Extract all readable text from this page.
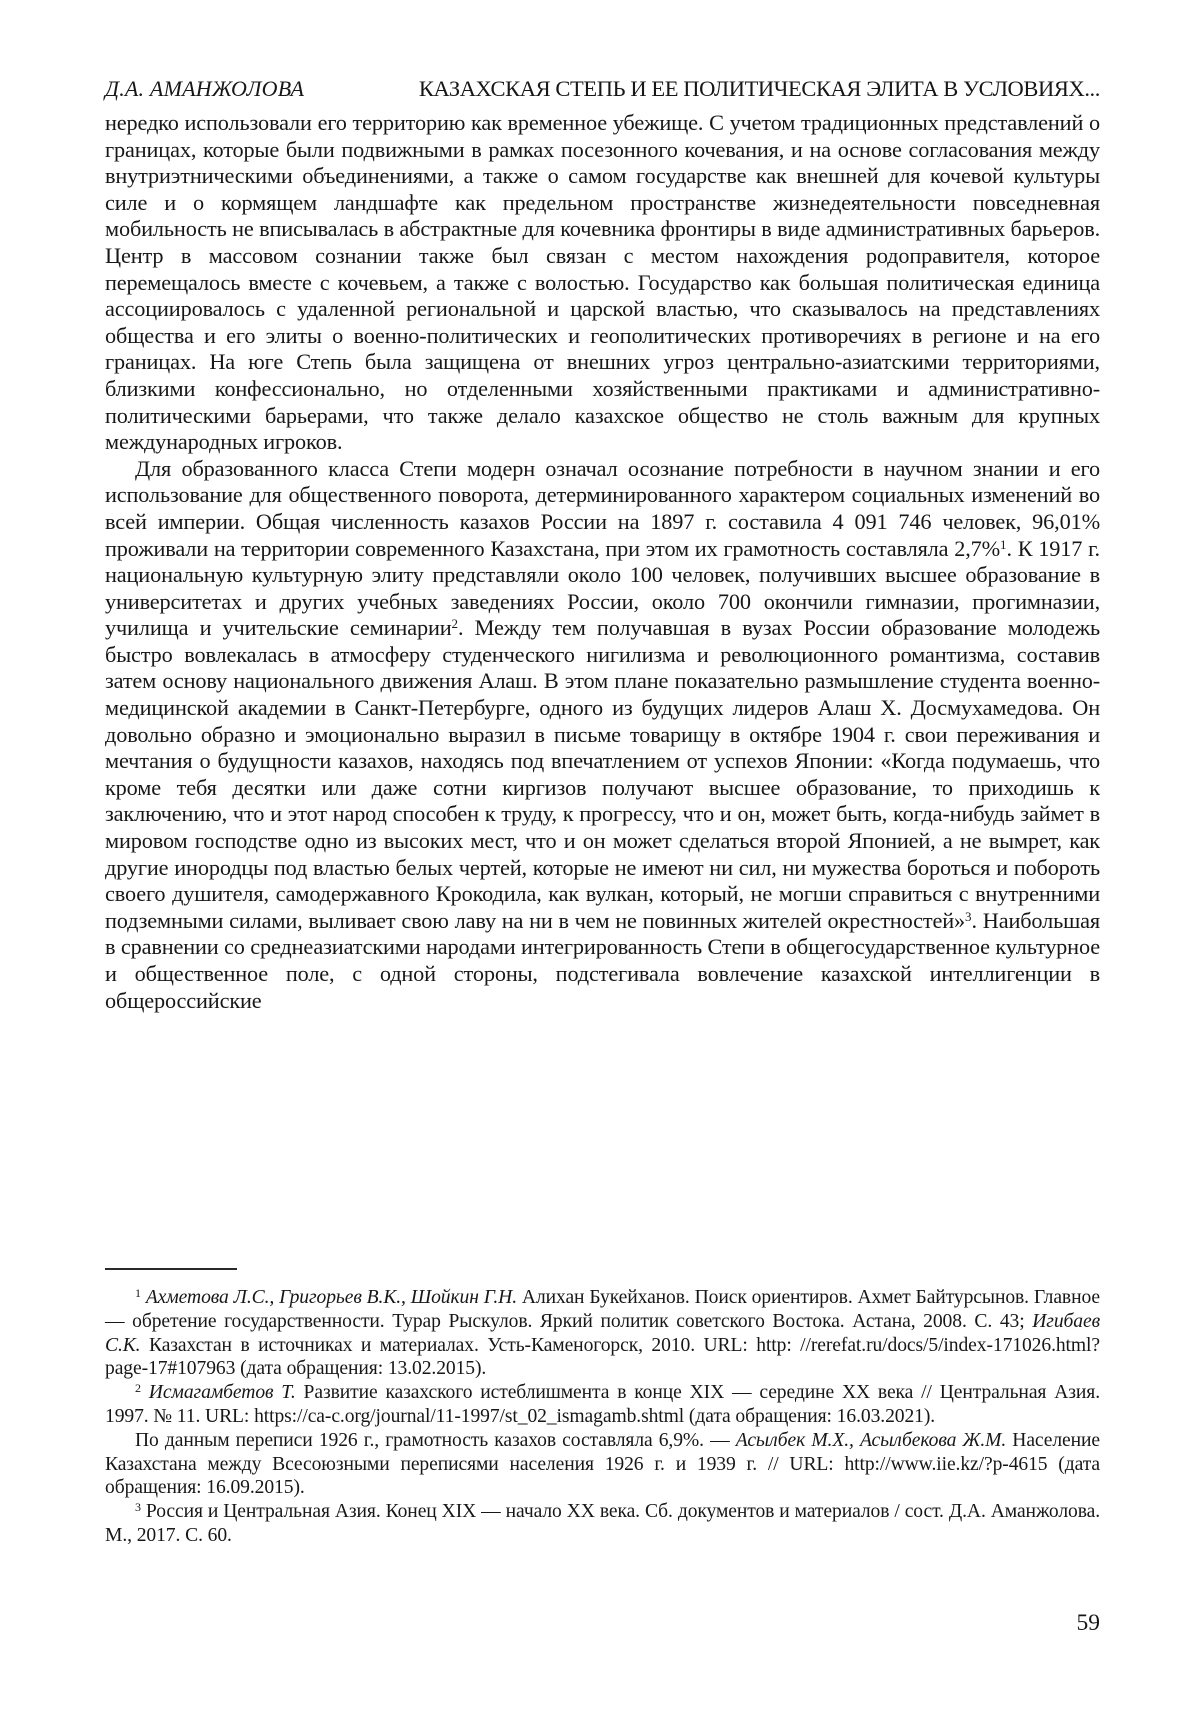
Д.А. АМАНЖОЛОВА	КАЗАХСКАЯ СТЕПЬ И ЕЕ ПОЛИТИЧЕСКАЯ ЭЛИТА В УСЛОВИЯХ...

нередко использовали его территорию как временное убежище. С учетом традиционных представлений о границах, которые были подвижными в рамках посезонного кочевания, и на основе согласования между внутриэтническими объединениями, а также о самом государстве как внешней для кочевой культуры силе и о кормящем ландшафте как предельном пространстве жизнедеятельности повседневная мобильность не вписывалась в абстрактные для кочевника фронтиры в виде административных барьеров. Центр в массовом сознании также был связан с местом нахождения родоправителя, которое перемещалось вместе с кочевьем, а также с волостью. Государство как большая политическая единица ассоциировалось с удаленной региональной и царской властью, что сказывалось на представлениях общества и его элиты о военно-политических и геополитических противоречиях в регионе и на его границах. На юге Степь была защищена от внешних угроз центрально-азиатскими территориями, близкими конфессионально, но отделенными хозяйственными практиками и административно-политическими барьерами, что также делало казахское общество не столь важным для крупных международных игроков.

Для образованного класса Степи модерн означал осознание потребности в научном знании и его использование для общественного поворота, детерминированного характером социальных изменений во всей империи. Общая численность казахов России на 1897 г. составила 4 091 746 человек, 96,01% проживали на территории современного Казахстана, при этом их грамотность составляла 2,7%$^1$. К 1917 г. национальную культурную элиту представляли около 100 человек, получивших высшее образование в университетах и других учебных заведениях России, около 700 окончили гимназии, прогимназии, училища и учительские семинарии$^2$. Между тем получавшая в вузах России образование молодежь быстро вовлекалась в атмосферу студенческого нигилизма и революционного романтизма, составив затем основу национального движения Алаш. В этом плане показательно размышление студента военно-медицинской академии в Санкт-Петербурге, одного из будущих лидеров Алаш Х. Досмухамедова. Он довольно образно и эмоционально выразил в письме товарищу в октябре 1904 г. свои переживания и мечтания о будущности казахов, находясь под впечатлением от успехов Японии: «Когда подумаешь, что кроме тебя десятки или даже сотни киргизов получают высшее образование, то приходишь к заключению, что и этот народ способен к труду, к прогрессу, что и он, может быть, когда-нибудь займет в мировом господстве одно из высоких мест, что и он может сделаться второй Японией, а не вымрет, как другие инородцы под властью белых чертей, которые не имеют ни сил, ни мужества бороться и побороть своего душителя, самодержавного Крокодила, как вулкан, который, не могши справиться с внутренними подземными силами, выливает свою лаву на ни в чем не повинных жителей окрестностей»$^3$. Наибольшая в сравнении со среднеазиатскими народами интегрированность Степи в общегосударственное культурное и общественное поле, с одной стороны, подстегивала вовлечение казахской интеллигенции в общероссийские

$^1$ Ахметова Л.С., Григорьев В.К., Шойкин Г.Н. Алихан Букейханов. Поиск ориентиров. Ахмет Байтурсынов. Главное — обретение государственности. Турар Рыскулов. Яркий политик советского Востока. Астана, 2008. С. 43; Игибаев С.К. Казахстан в источниках и материалах. Усть-Каменогорск, 2010. URL: http: //rerefat.ru/docs/5/index-171026.html?page-17#107963 (дата обращения: 13.02.2015).

$^2$ Исмагамбетов Т. Развитие казахского истеблишмента в конце XIX — середине XX века // Центральная Азия. 1997. № 11. URL: https://ca-c.org/journal/11-1997/st_02_ismagamb.shtml (дата обращения: 16.03.2021).

По данным переписи 1926 г., грамотность казахов составляла 6,9%. — Асылбек М.Х., Асылбекова Ж.М. Население Казахстана между Всесоюзными переписями населения 1926 г. и 1939 г. // URL: http://www.iie.kz/?p-4615 (дата обращения: 16.09.2015).

$^3$ Россия и Центральная Азия. Конец XIX — начало XX века. Сб. документов и материалов / сост. Д.А. Аманжолова. М., 2017. С. 60.

59
